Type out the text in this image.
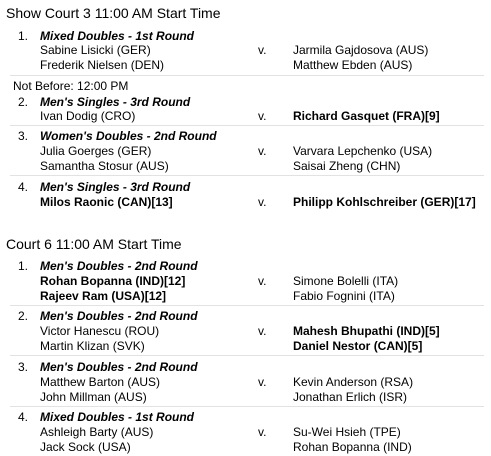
Show Court 3 11:00 AM Start Time
1. Mixed Doubles - 1st Round
Sabine Lisicki (GER)
Frederik Nielsen (DEN)
v. Jarmila Gajdosova (AUS)
Matthew Ebden (AUS)
Not Before: 12:00 PM
2. Men's Singles - 3rd Round
Ivan Dodig (CRO)	v. Richard Gasquet (FRA)[9]
3. Women's Doubles - 2nd Round
Julia Goerges (GER)
Samantha Stosur (AUS)
v. Varvara Lepchenko (USA)
Saisai Zheng (CHN)
4. Men's Singles - 3rd Round
Milos Raonic (CAN)[13]	v. Philipp Kohlschreiber (GER)[17]
Court 6 11:00 AM Start Time
1. Men's Doubles - 2nd Round
Rohan Bopanna (IND)[12]
Rajeev Ram (USA)[12]
v. Simone Bolelli (ITA)
Fabio Fognini (ITA)
2. Men's Doubles - 2nd Round
Victor Hanescu (ROU)
Martin Klizan (SVK)
v. Mahesh Bhupathi (IND)[5]
Daniel Nestor (CAN)[5]
3. Men's Doubles - 2nd Round
Matthew Barton (AUS)
John Millman (AUS)
v. Kevin Anderson (RSA)
Jonathan Erlich (ISR)
4. Mixed Doubles - 1st Round
Ashleigh Barty (AUS)
Jack Sock (USA)
v. Su-Wei Hsieh (TPE)
Rohan Bopanna (IND)
